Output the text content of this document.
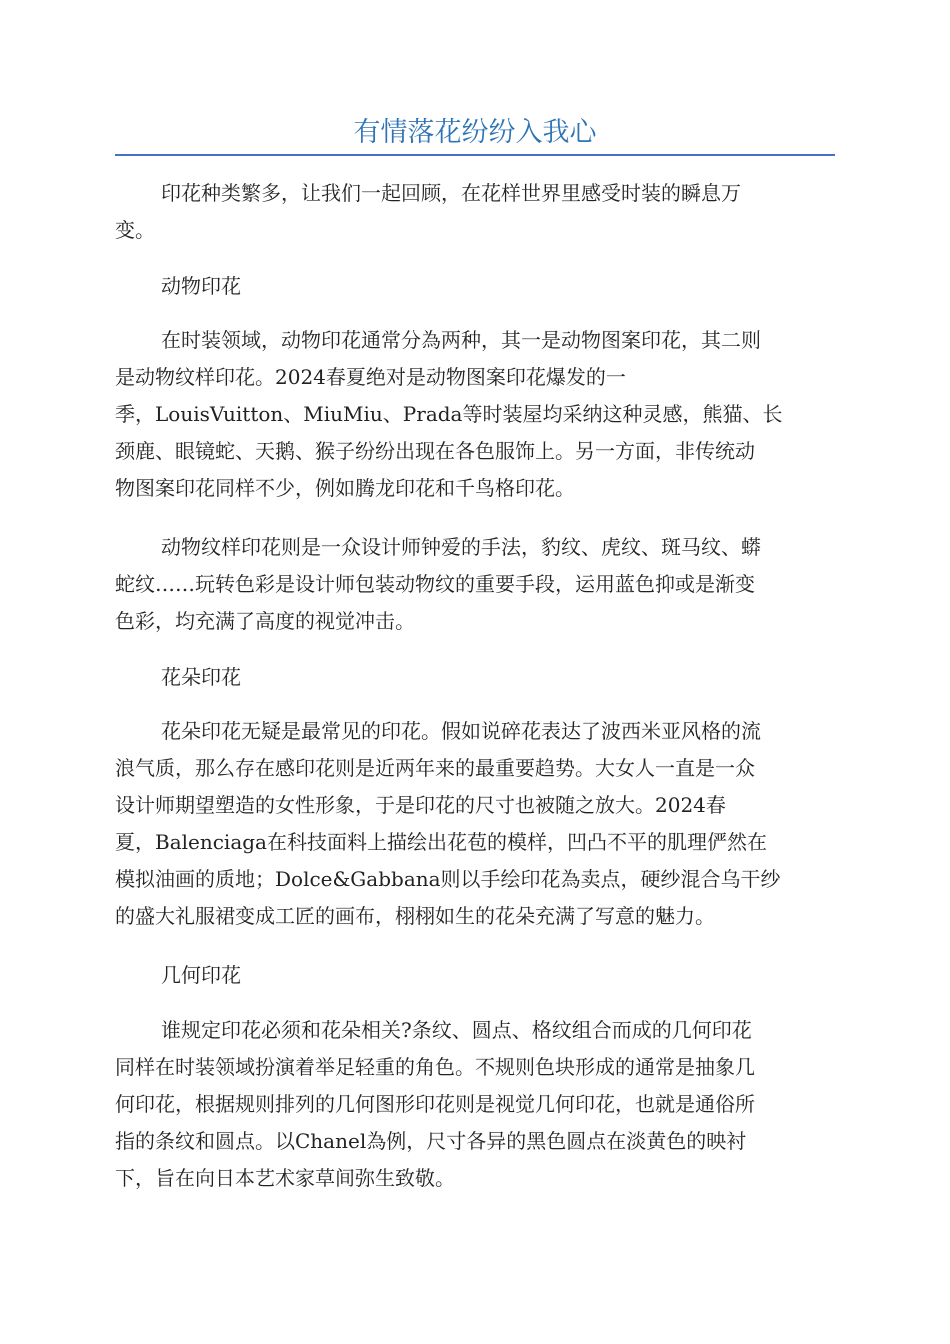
有情落花纷纷入我心

印花种类繁多，让我们一起回顾，在花样世界里感受时装的瞬息万

变。

动物印花

在时装领域，动物印花通常分為两种，其一是动物图案印花，其二则

是动物纹样印花。2024春夏绝对是动物图案印花爆发的一

季，LouisVuitton、MiuMiu、Prada等时装屋均采纳这种灵感，熊猫、长

颈鹿、眼镜蛇、天鹅、猴子纷纷出现在各色服饰上。另一方面，非传统动

物图案印花同样不少，例如腾龙印花和千鸟格印花。

动物纹样印花则是一众设计师钟爱的手法，豹纹、虎纹、斑马纹、蟒

蛇纹……玩转色彩是设计师包装动物纹的重要手段，运用蓝色抑或是渐变

色彩，均充满了高度的视觉冲击。

花朵印花

花朵印花无疑是最常见的印花。假如说碎花表达了波西米亚风格的流

浪气质，那么存在感印花则是近两年来的最重要趋势。大女人一直是一众

设计师期望塑造的女性形象，于是印花的尺寸也被随之放大。2024春

夏，Balenciaga在科技面料上描绘出花苞的模样，凹凸不平的肌理俨然在

模拟油画的质地；Dolce&Gabbana则以手绘印花為卖点，硬纱混合乌干纱

的盛大礼服裙变成工匠的画布，栩栩如生的花朵充满了写意的魅力。

几何印花

谁规定印花必须和花朵相关?条纹、圆点、格纹组合而成的几何印花

同样在时装领域扮演着举足轻重的角色。不规则色块形成的通常是抽象几

何印花，根据规则排列的几何图形印花则是视觉几何印花，也就是通俗所

指的条纹和圆点。以Chanel為例，尺寸各异的黑色圆点在淡黄色的映衬

下，旨在向日本艺术家草间弥生致敬。
